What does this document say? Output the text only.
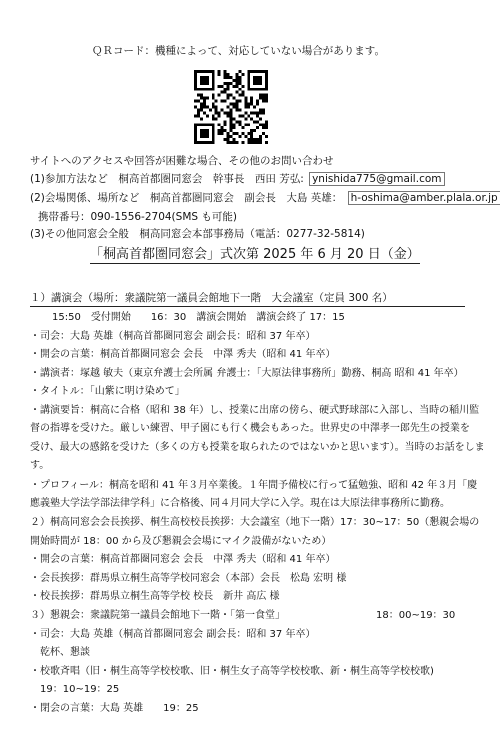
ＱＲコード：機種によって、対応していない場合があります。
サイトへのアクセスや回答が困難な場合、その他のお問い合わせ
(1)参加方法など　桐高首都圏同窓会　幹事長　西田 芳弘: ynishida775@gmail.com
(2)会場関係、場所など　桐高首都圏同窓会　副会長　大島 英雄： h-oshima@amber.plala.or.jp
携帯番号：090-1556-2704(SMS も可能)
(3)その他同窓会全般　桐高同窓会本部事務局（電話：0277-32-5814)
「桐高首都圏同窓会」式次第 2025 年 6 月 20 日（金）
１）講演会（場所：衆議院第一議員会館地下一階　大会議室（定員 300 名）
15:50　受付開始　　16：30　講演会開始　講演会終了 17：15
・司会：大島 英雄（桐高首都圏同窓会 副会長：昭和 37 年卒）
・開会の言葉：桐高首都圏同窓会 会長　中澤 秀夫（昭和 41 年卒）
・講演者：塚越 敏夫（東京弁護士会所属 弁護士：「大原法律事務所」勤務、桐高 昭和 41 年卒）
・タイトル：「山紫に明け染めて」
・講演要旨：桐高に合格（昭和 38 年）し、授業に出席の傍ら、硬式野球部に入部し、当時の稲川監
督の指導を受けた。厳しい練習、甲子園にも行く機会もあった。世界史の中澤孝一郎先生の授業を
受け、最大の感銘を受けた（多くの方も授業を取られたのではないかと思います）。当時のお話をしま
す。
・プロフィール：桐高を昭和 41 年３月卒業後。１年間予備校に行って猛勉強、昭和 42 年３月「慶
應義塾大学法学部法律学科」に合格後、同４月同大学に入学。現在は大原法律事務所に勤務。
２）桐高同窓会会長挨拶、桐生高校校長挨拶：大会議室（地下一階）17：30~17：50（懇親会場の
開始時間が 18：00 から及び懇親会会場にマイク設備がないため）
・開会の言葉：桐高首都圏同窓会 会長　中澤 秀夫（昭和 41 年卒）
・会長挨拶：群馬県立桐生高等学校同窓会（本部）会長　松島 宏明 様
・校長挨拶：群馬県立桐生高等学校 校長　新井 高広 様
３）懇親会：衆議院第一議員会館地下一階・「第一食堂」	18：00~19：30
・司会：大島 英雄（桐高首都圏同窓会 副会長：昭和 37 年卒）
乾杯、懇談
・校歌斉唱（旧・桐生高等学校校歌、旧・桐生女子高等学校校歌、新・桐生高等学校校歌)
19：10~19：25
・閉会の言葉：大島 英雄　　19：25
